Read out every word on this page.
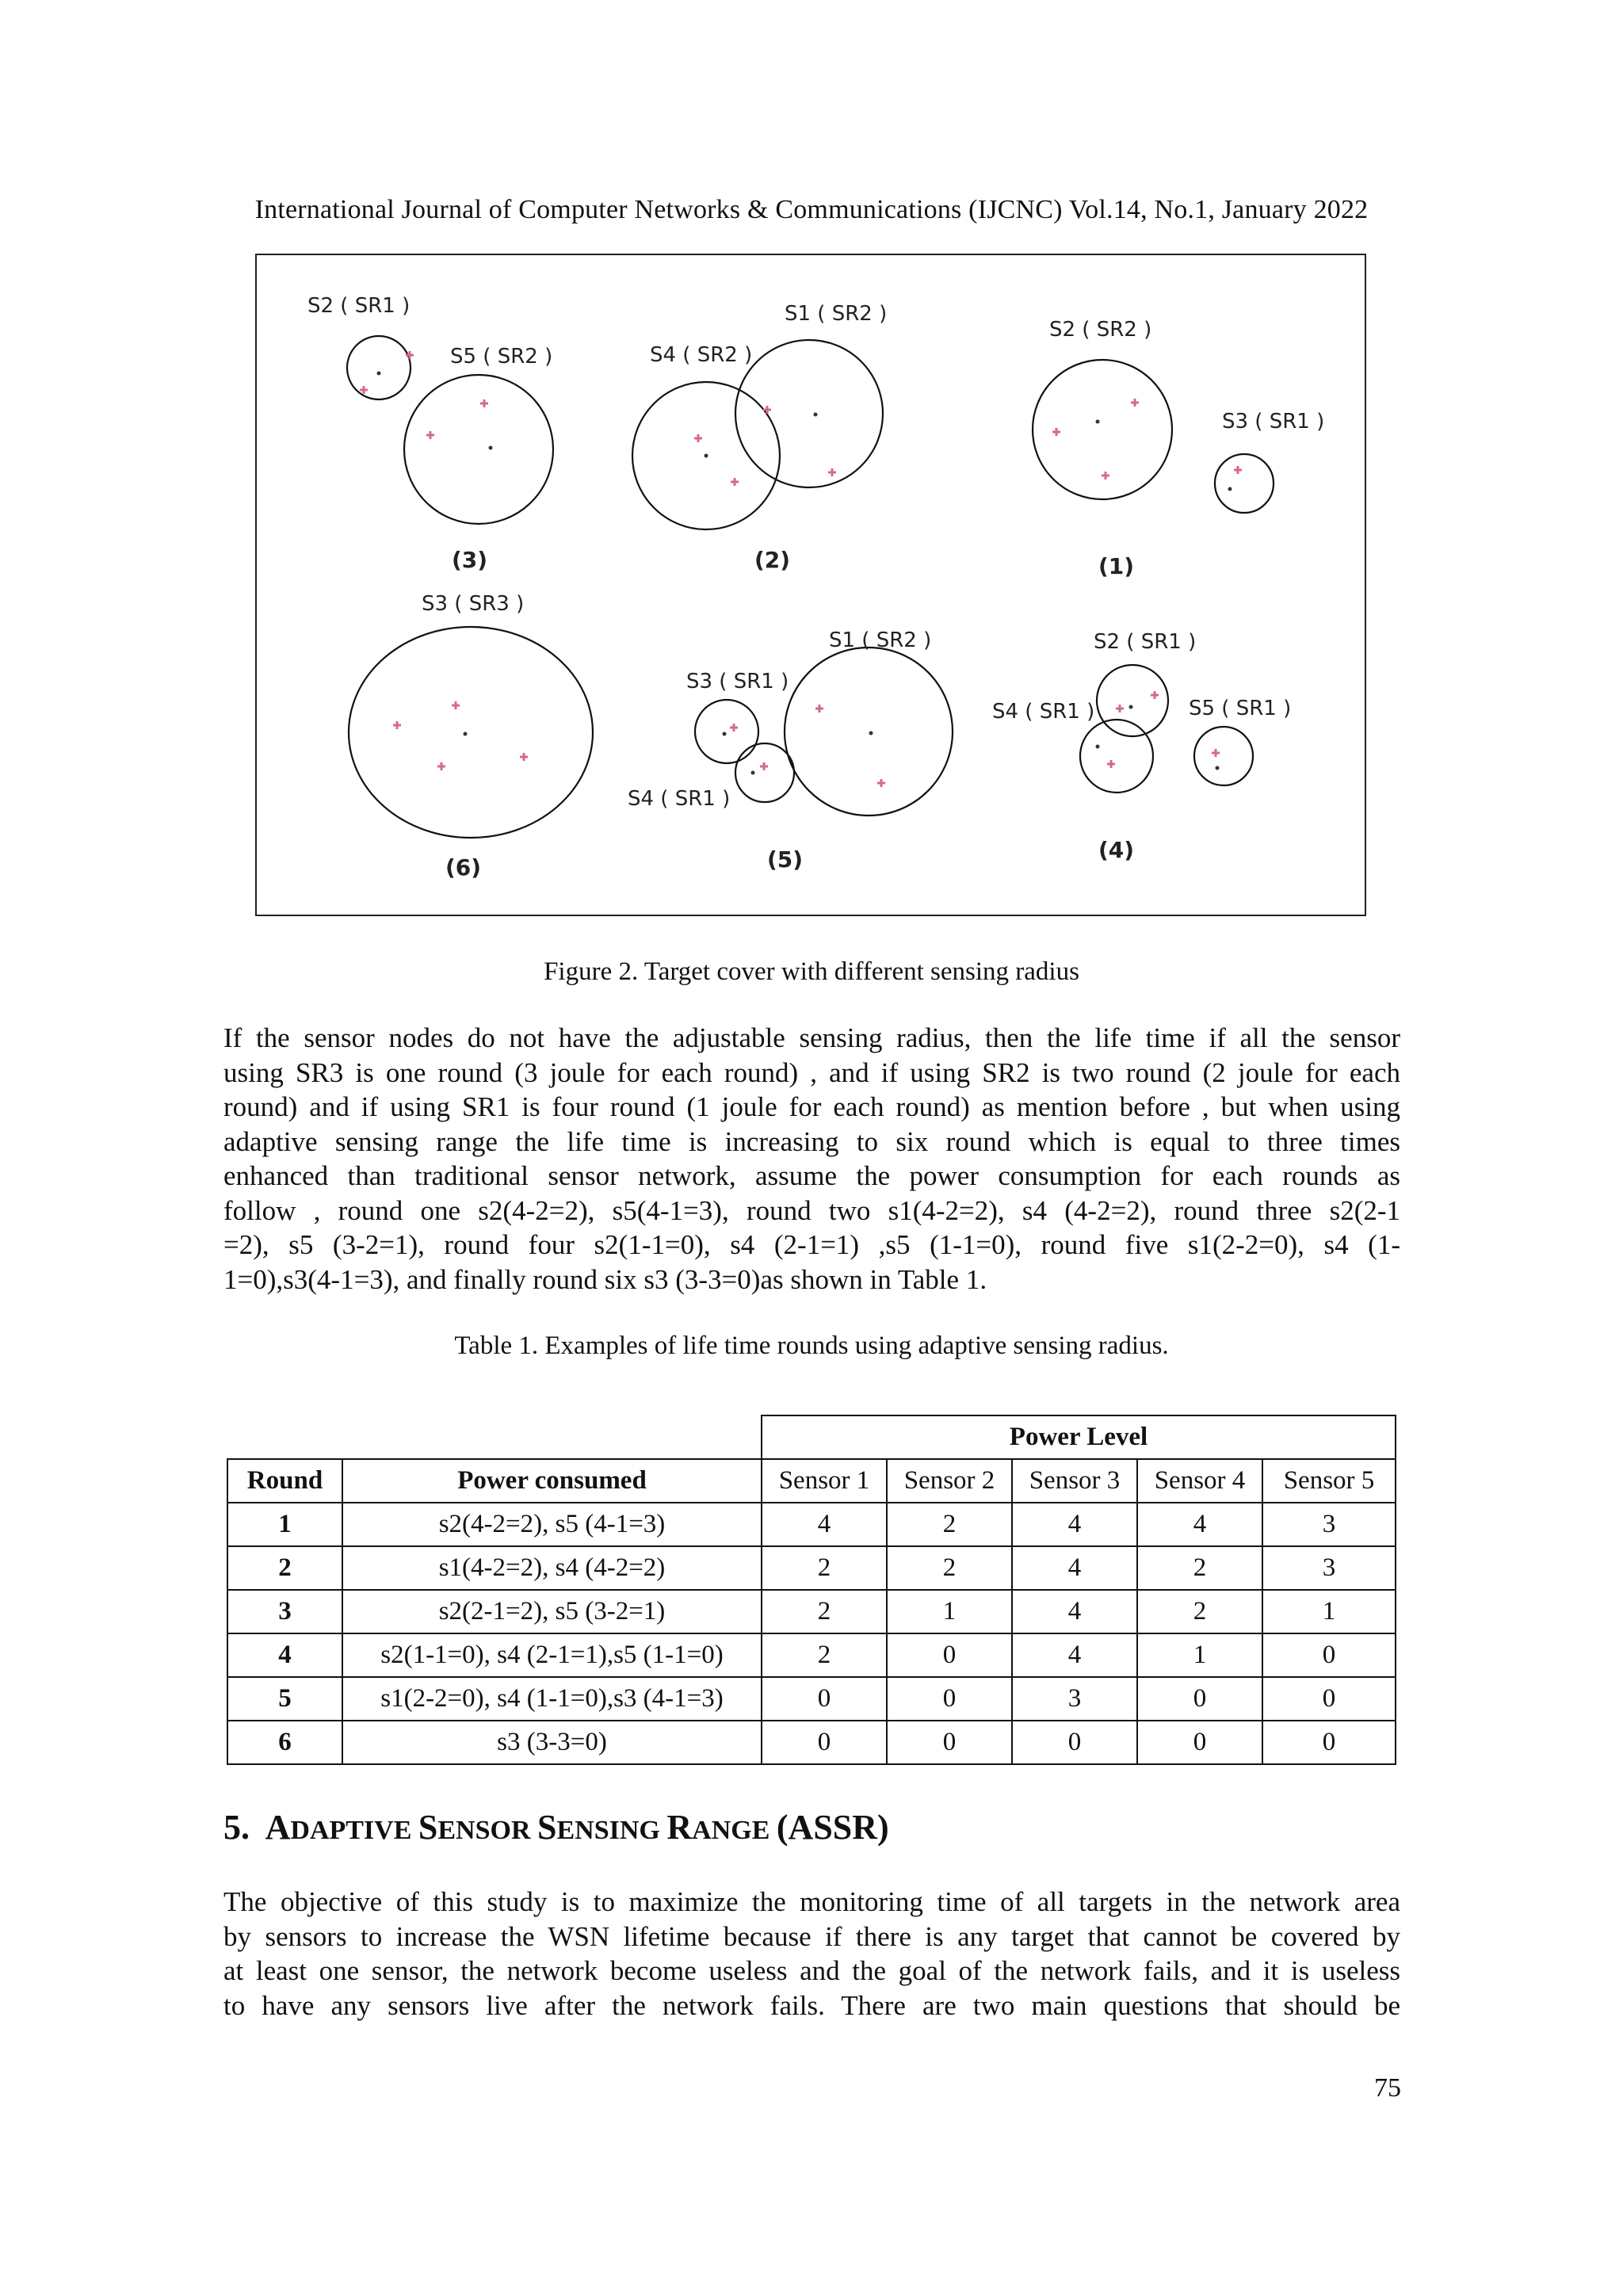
International Journal of Computer Networks & Communications (IJCNC) Vol.14, No.1, January 2022
S2 ( SR1 )
S5 ( SR2 )
S1 ( SR2 )
S4 ( SR2 )
S2 ( SR2 )
S3 ( SR1 )
S3 ( SR3 )
S1 ( SR2 )
S3 ( SR1 )
S4 ( SR1 )
S2 ( SR1 )
S4 ( SR1 )	S5 ( SR1 )
(3)	(2)	(1)
(6)	(5)	(4)
Figure 2. Target cover with different sensing radius
If the sensor nodes do not have the adjustable sensing radius, then the life time if all the sensor
using SR3 is one round (3 joule for each round) , and if using SR2 is two round (2 joule for each
round) and if using SR1 is four round (1 joule for each round) as mention before , but when using
adaptive sensing range the life time is increasing to six round which is equal to three times
enhanced than traditional sensor network, assume the power consumption for each rounds as
follow , round one s2(4-2=2), s5(4-1=3), round two s1(4-2=2), s4 (4-2=2), round three s2(2-1
=2), s5 (3-2=1), round four s2(1-1=0), s4 (2-1=1) ,s5 (1-1=0), round five s1(2-2=0), s4 (1-
1=0),s3(4-1=3), and finally round six s3 (3-3=0)as shown in Table 1.
Table 1. Examples of life time rounds using adaptive sensing radius.
		Power Level				
Round	Power consumed	Sensor 1	Sensor 2	Sensor 3	Sensor 4	Sensor 5
1	s2(4-2=2), s5 (4-1=3)	4	2	4	4	3
2	s1(4-2=2), s4 (4-2=2)	2	2	4	2	3
3	s2(2-1=2), s5 (3-2=1)	2	1	4	2	1
4	s2(1-1=0), s4 (2-1=1),s5 (1-1=0)	2	0	4	1	0
5	s1(2-2=0), s4 (1-1=0),s3 (4-1=3)	0	0	3	0	0
6	s3 (3-3=0)	0	0	0	0	0
5. ADAPTIVE SENSOR SENSING RANGE (ASSR)
The objective of this study is to maximize the monitoring time of all targets in the network area
by sensors to increase the WSN lifetime because if there is any target that cannot be covered by
at least one sensor, the network become useless and the goal of the network fails, and it is useless
to have any sensors live after the network fails. There are two main questions that should be
75
